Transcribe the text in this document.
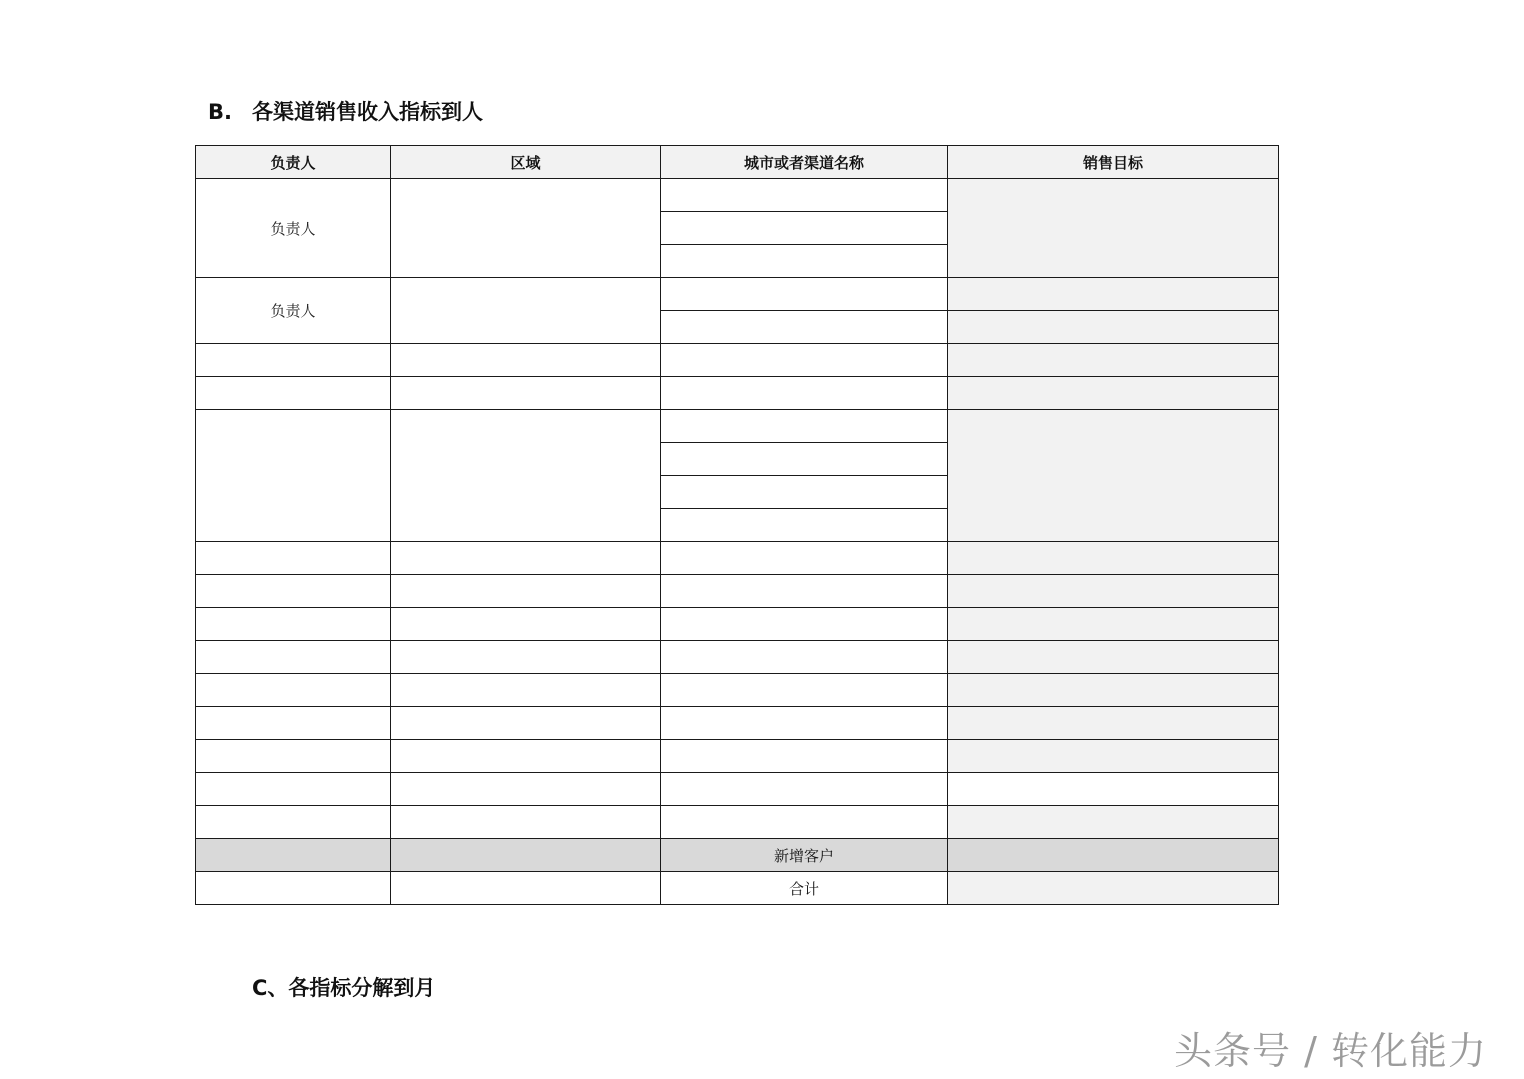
B. 各渠道销售收入指标到人
负责人	区域	城市或者渠道名称	销售目标
负责人			

负责人			

		新增客户	
		合计	
C、各指标分解到月
头条号 / 转化能力
